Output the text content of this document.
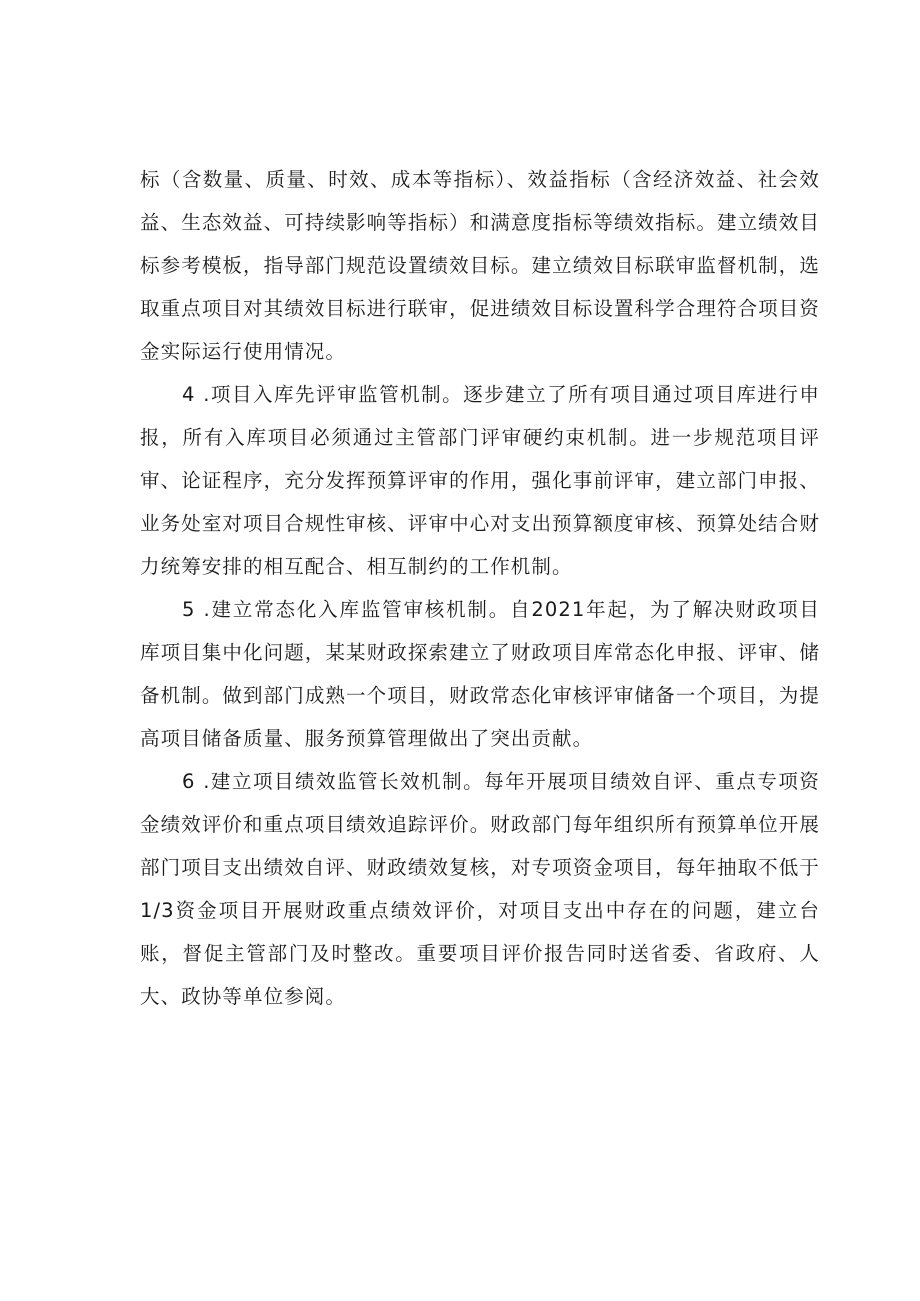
标（含数量、质量、时效、成本等指标）、效益指标（含经济效益、社会效益、生态效益、可持续影响等指标）和满意度指标等绩效指标。建立绩效目标参考模板，指导部门规范设置绩效目标。建立绩效目标联审监督机制，选取重点项目对其绩效目标进行联审，促进绩效目标设置科学合理符合项目资金实际运行使用情况。

4 .项目入库先评审监管机制。逐步建立了所有项目通过项目库进行申报，所有入库项目必须通过主管部门评审硬约束机制。进一步规范项目评审、论证程序，充分发挥预算评审的作用，强化事前评审，建立部门申报、业务处室对项目合规性审核、评审中心对支出预算额度审核、预算处结合财力统筹安排的相互配合、相互制约的工作机制。

5 .建立常态化入库监管审核机制。自2021年起，为了解决财政项目库项目集中化问题，某某财政探索建立了财政项目库常态化申报、评审、储备机制。做到部门成熟一个项目，财政常态化审核评审储备一个项目，为提高项目储备质量、服务预算管理做出了突出贡献。

6 .建立项目绩效监管长效机制。每年开展项目绩效自评、重点专项资金绩效评价和重点项目绩效追踪评价。财政部门每年组织所有预算单位开展部门项目支出绩效自评、财政绩效复核，对专项资金项目，每年抽取不低于1/3资金项目开展财政重点绩效评价，对项目支出中存在的问题，建立台账，督促主管部门及时整改。重要项目评价报告同时送省委、省政府、人大、政协等单位参阅。
